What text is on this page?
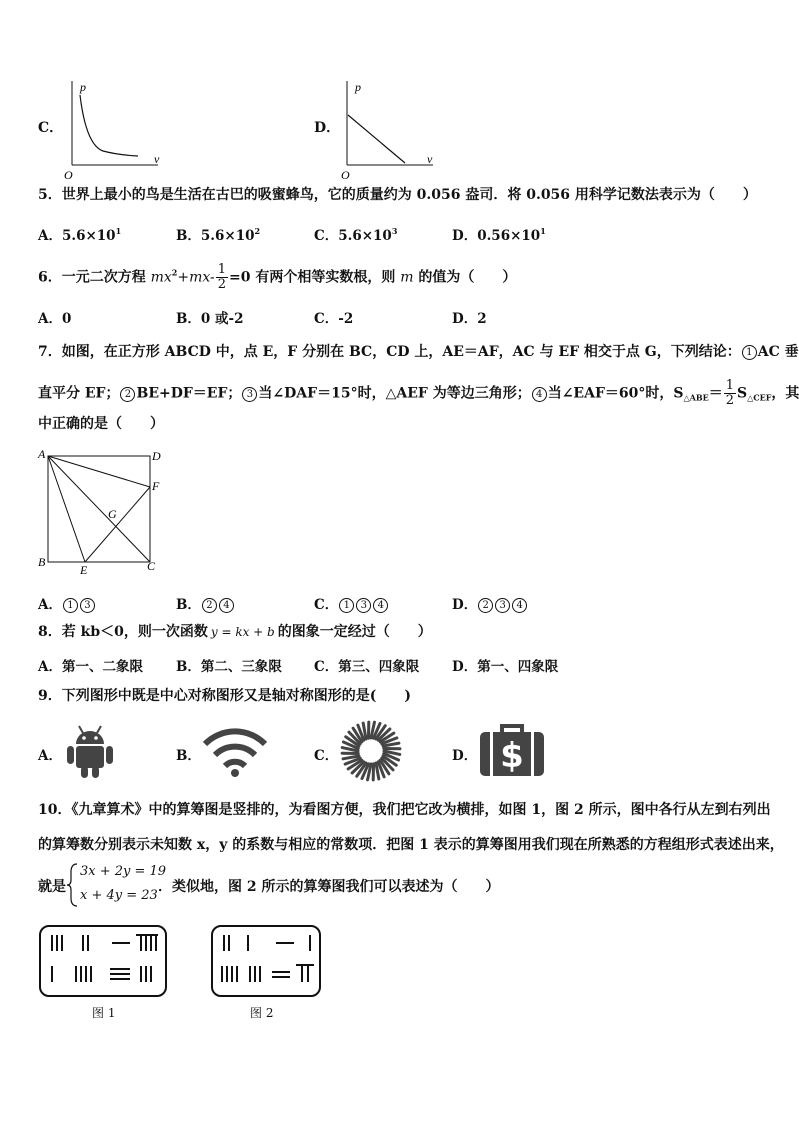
C．
p
v
O
D．
p
v
O
5．世界上最小的鸟是生活在古巴的吸蜜蜂鸟，它的质量约为 0.056 盎司．将 0.056 用科学记数法表示为（　　）
A．$5.6\times 10^1$	B．$5.6\times 10^2$	C．$5.6\times 10^3$	D．$0.56\times 10^1$
6．一元二次方程 $mx^2+mx- \frac{1}{2} =0$ 有两个相等实数根，则 m 的值为（　　）
A．0	B．0 或-2	C．-2	D．2
7．如图，在正方形 ABCD 中，点 E，F 分别在 BC，CD 上，AE＝AF，AC 与 EF 相交于点 G，下列结论： 1 AC 垂
直平分 EF； 2 BE+DF＝EF； 3 当∠DAF＝15°时，△AEF 为等边三角形； 4 当∠EAF＝60°时，$S_{\triangle ABE}= \frac{1}{2} S_{\triangle CEF}$，其
中正确的是（　　）
A	D
F
G
B
E	C
A． 1 3	B． 2 4	C． 1 3 4	D． 2 3 4
8．若 kb＜0，则一次函数 y = kx + b 的图象一定经过（　　）
A．第一、二象限 B．第二、三象限 C．第三、四象限 D．第一、四象限
9．下列图形中既是中心对称图形又是轴对称图形的是(　　)
A．	B．	C．	D． $
10．《九章算术》中的算筹图是竖排的，为看图方便，我们把它改为横排，如图 1，图 2 所示，图中各行从左到右列出
的算筹数分别表示未知数 x，y 的系数与相应的常数项．把图 1 表示的算筹图用我们现在所熟悉的方程组形式表述出来，
就是
3x + 2y = 19
x + 4y = 23
．类似地，图 2 所示的算筹图我们可以表述为（　　）
图 1	图 2
